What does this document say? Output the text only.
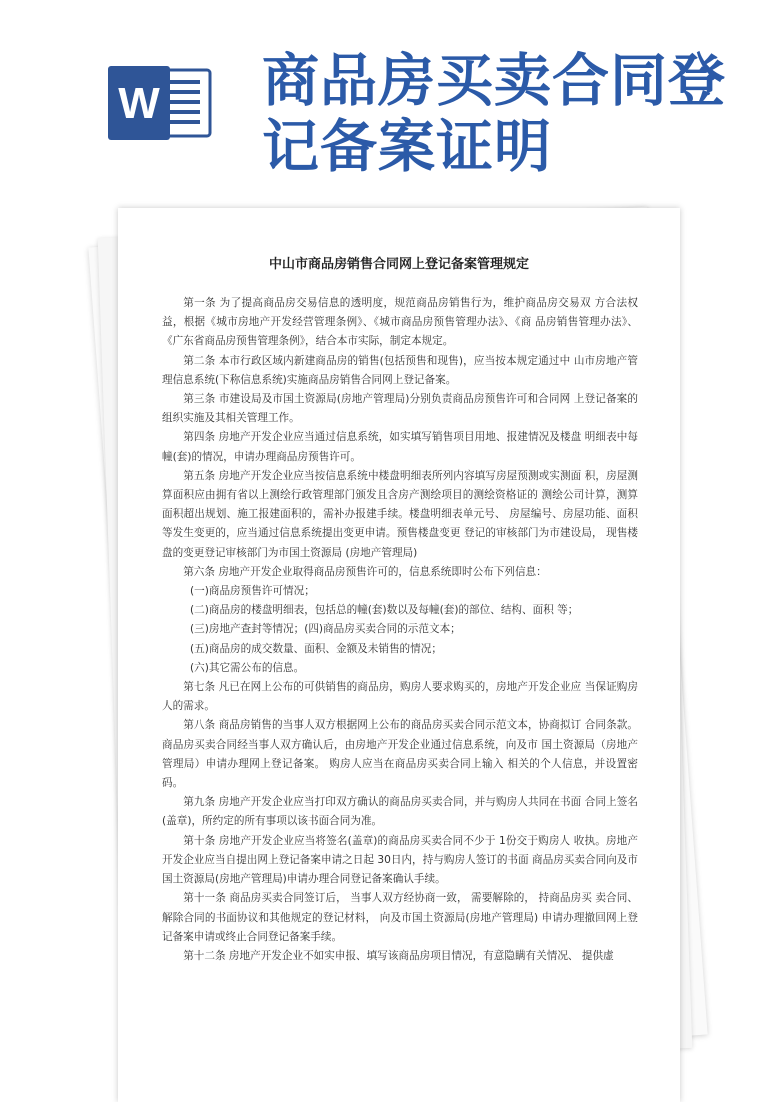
W 商品房买卖合同登
记备案证明
中山市商品房销售合同网上登记备案管理规定

第一条 为了提高商品房交易信息的透明度，规范商品房销售行为，维护商品房交易双 方合法权益，根据《城市房地产开发经营管理条例》、《城市商品房预售管理办法》、《商 品房销售管理办法》、《广东省商品房预售管理条例》，结合本市实际，制定本规定。

第二条 本市行政区域内新建商品房的销售(包括预售和现售)，应当按本规定通过中 山市房地产管理信息系统(下称信息系统)实施商品房销售合同网上登记备案。

第三条 市建设局及市国土资源局(房地产管理局)分别负责商品房预售许可和合同网 上登记备案的组织实施及其相关管理工作。

第四条 房地产开发企业应当通过信息系统，如实填写销售项目用地、报建情况及楼盘 明细表中每幢(套)的情况，申请办理商品房预售许可。

第五条 房地产开发企业应当按信息系统中楼盘明细表所列内容填写房屋预测或实测面 积，房屋测算面积应由拥有省以上测绘行政管理部门颁发且含房产测绘项目的测绘资格证的 测绘公司计算，测算面积超出规划、施工报建面积的，需补办报建手续。楼盘明细表单元号、 房屋编号、房屋功能、面积等发生变更的，应当通过信息系统提出变更申请。预售楼盘变更 登记的审核部门为市建设局， 现售楼盘的变更登记审核部门为市国土资源局 (房地产管理局)

第六条 房地产开发企业取得商品房预售许可的，信息系统即时公布下列信息：

(一)商品房预售许可情况；

(二)商品房的楼盘明细表，包括总的幢(套)数以及每幢(套)的部位、结构、面积 等；

(三)房地产查封等情况；(四)商品房买卖合同的示范文本；

(五)商品房的成交数量、面积、金额及未销售的情况；

(六)其它需公布的信息。

第七条 凡已在网上公布的可供销售的商品房，购房人要求购买的，房地产开发企业应 当保证购房人的需求。

第八条 商品房销售的当事人双方根据网上公布的商品房买卖合同示范文本，协商拟订 合同条款。商品房买卖合同经当事人双方确认后，由房地产开发企业通过信息系统，向及市 国土资源局（房地产管理局）申请办理网上登记备案。 购房人应当在商品房买卖合同上输入 相关的个人信息，并设置密码。

第九条 房地产开发企业应当打印双方确认的商品房买卖合同，并与购房人共同在书面 合同上签名(盖章)，所约定的所有事项以该书面合同为准。

第十条 房地产开发企业应当将签名(盖章)的商品房买卖合同不少于 1份交于购房人 收执。房地产开发企业应当自提出网上登记备案申请之日起 30日内，持与购房人签订的书面 商品房买卖合同向及市国土资源局(房地产管理局)申请办理合同登记备案确认手续。

第十一条 商品房买卖合同签订后， 当事人双方经协商一致， 需要解除的， 持商品房买 卖合同、解除合同的书面协议和其他规定的登记材料， 向及市国土资源局(房地产管理局) 申请办理撤回网上登记备案申请或终止合同登记备案手续。

第十二条 房地产开发企业不如实申报、填写该商品房项目情况，有意隐瞒有关情况、 提供虚
